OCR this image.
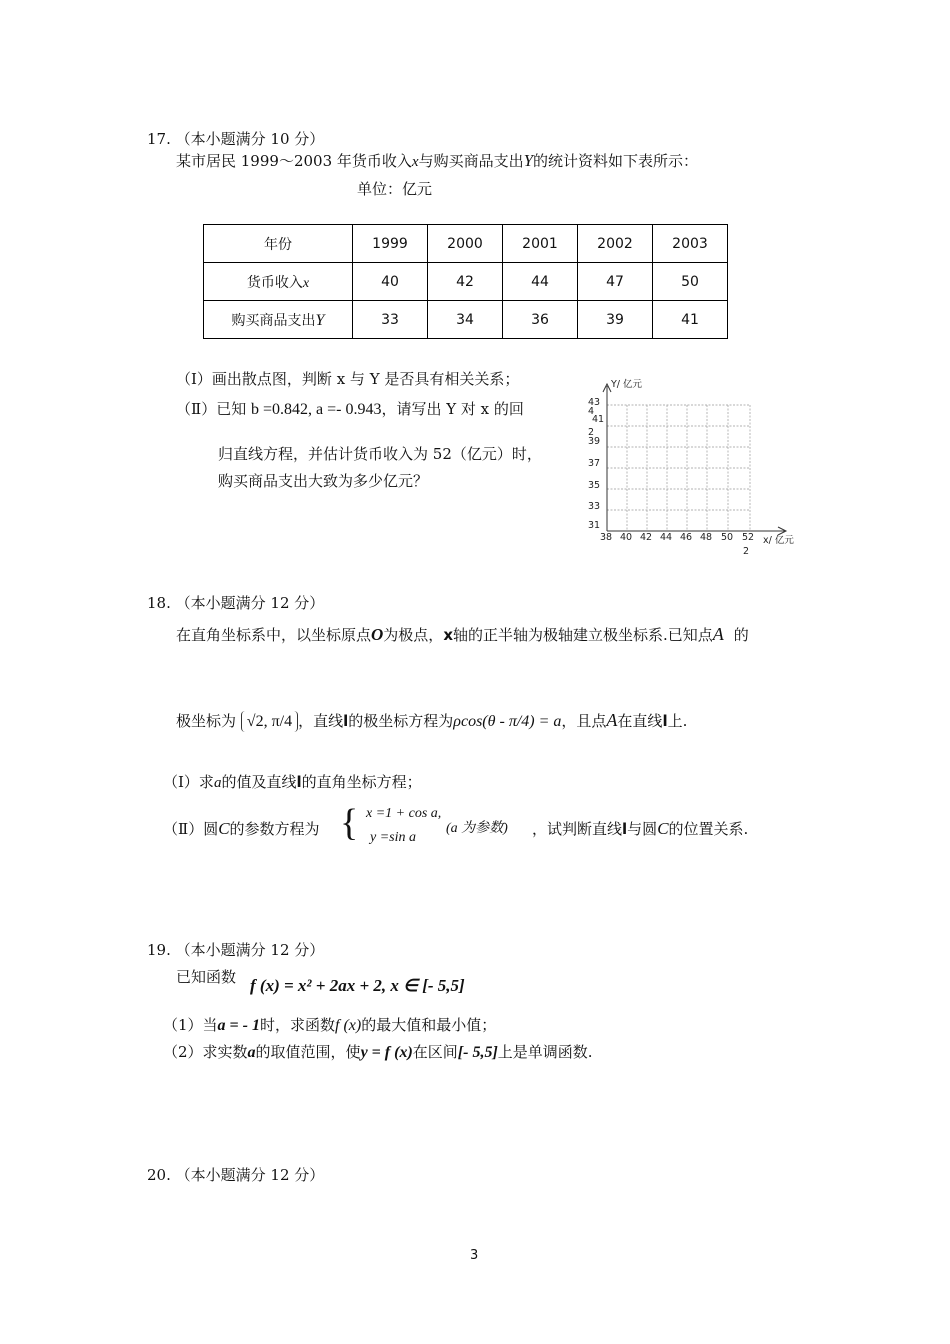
17. （本小题满分 10 分）
某市居民 1999～2003 年货币收入x与购买商品支出Y的统计资料如下表所示：
单位：亿元
年份	1999	2000	2001	2002	2003
货币收入x	40	42	44	47	50
购买商品支出Y	33	34	36	39	41
（Ⅰ）画出散点图，判断 x 与 Y 是否具有相关关系；
（Ⅱ）已知 b =0.842, a =- 0.943，请写出 Y 对 x 的回
归直线方程，并估计货币收入为 52（亿元）时，
购买商品支出大致为多少亿元？
Y/ 亿元
43
4
41
2
39
37
35
33
31
38 40 42 44 46 48 50 52
2
x/ 亿元
18. （本小题满分 12 分）
在直角坐标系中，以坐标原点O为极点，x轴的正半轴为极轴建立极坐标系.已知点A 的
极坐标为 √2, π/4 ，直线l的极坐标方程为ρcos(θ - π/4) = a，且点A在直线l上.
（Ⅰ）求a的值及直线l的直角坐标方程；
（Ⅱ）圆C的参数方程为 { x =1 + cos a,
(a 为参数)
y =sin a	，试判断直线l与圆C的位置关系.
19. （本小题满分 12 分）
已知函数 f (x) = x² + 2ax + 2, x ∈ [- 5,5]
（1）当a = - 1时，求函数f (x)的最大值和最小值；
（2）求实数a的取值范围，使y = f (x)在区间[- 5,5]上是单调函数.
20. （本小题满分 12 分）
3
